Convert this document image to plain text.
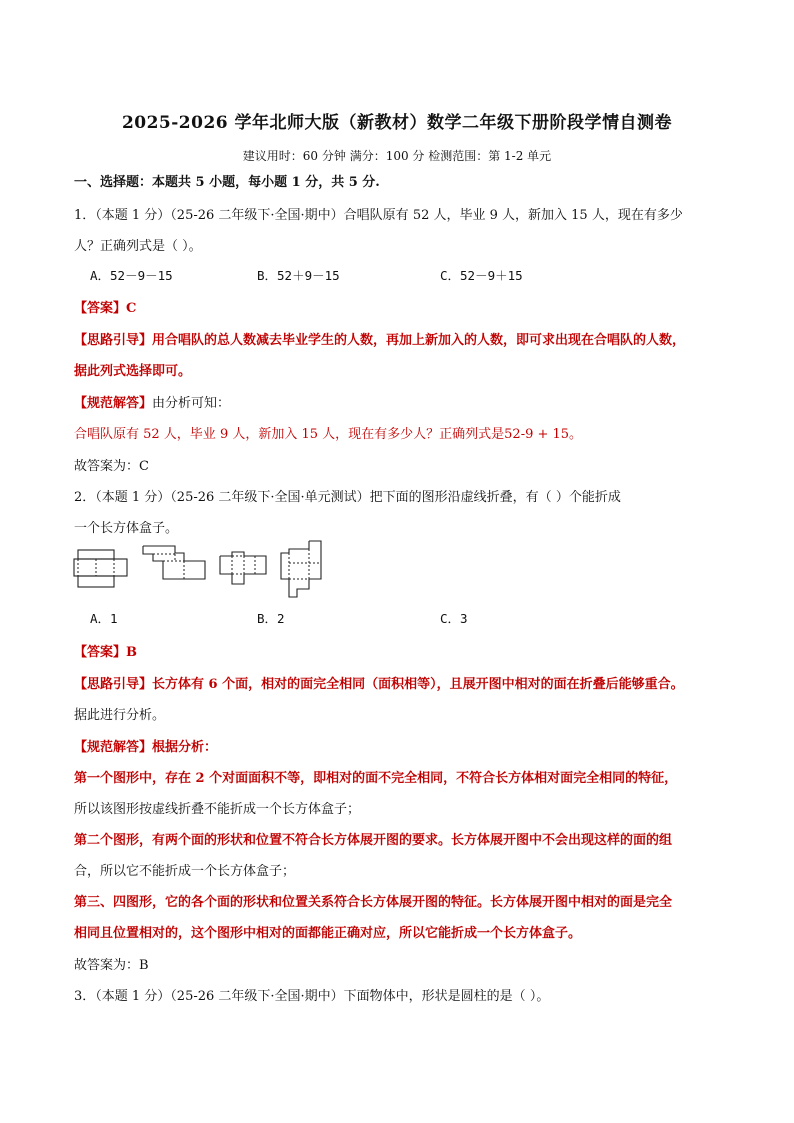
2025-2026 学年北师大版（新教材）数学二年级下册阶段学情自测卷
建议用时：60 分钟 满分：100 分 检测范围：第 1-2 单元
一、选择题：本题共 5 小题，每小题 1 分，共 5 分.
1．（本题 1 分）（25-26 二年级下·全国·期中）合唱队原有 52 人，毕业 9 人，新加入 15 人，现在有多少
人？正确列式是（ ）。
A．52－9－15	B．52＋9－15	C．52－9＋15
【答案】C
【思路引导】用合唱队的总人数减去毕业学生的人数，再加上新加入的人数，即可求出现在合唱队的人数，
据此列式选择即可。
【规范解答】由分析可知：
合唱队原有 52 人，毕业 9 人，新加入 15 人，现在有多少人？正确列式是52-9 + 15。
故答案为：C
2．（本题 1 分）（25-26 二年级下·全国·单元测试）把下面的图形沿虚线折叠，有（ ）个能折成
一个长方体盒子。
A．1	B．2	C．3
【答案】B
【思路引导】长方体有 6 个面，相对的面完全相同（面积相等），且展开图中相对的面在折叠后能够重合。
据此进行分析。
【规范解答】根据分析：
第一个图形中，存在 2 个对面面积不等，即相对的面不完全相同，不符合长方体相对面完全相同的特征，
所以该图形按虚线折叠不能折成一个长方体盒子；
第二个图形，有两个面的形状和位置不符合长方体展开图的要求。长方体展开图中不会出现这样的面的组
合，所以它不能折成一个长方体盒子；
第三、四图形，它的各个面的形状和位置关系符合长方体展开图的特征。长方体展开图中相对的面是完全
相同且位置相对的，这个图形中相对的面都能正确对应，所以它能折成一个长方体盒子。
故答案为：B
3．（本题 1 分）（25-26 二年级下·全国·期中）下面物体中，形状是圆柱的是（ ）。
